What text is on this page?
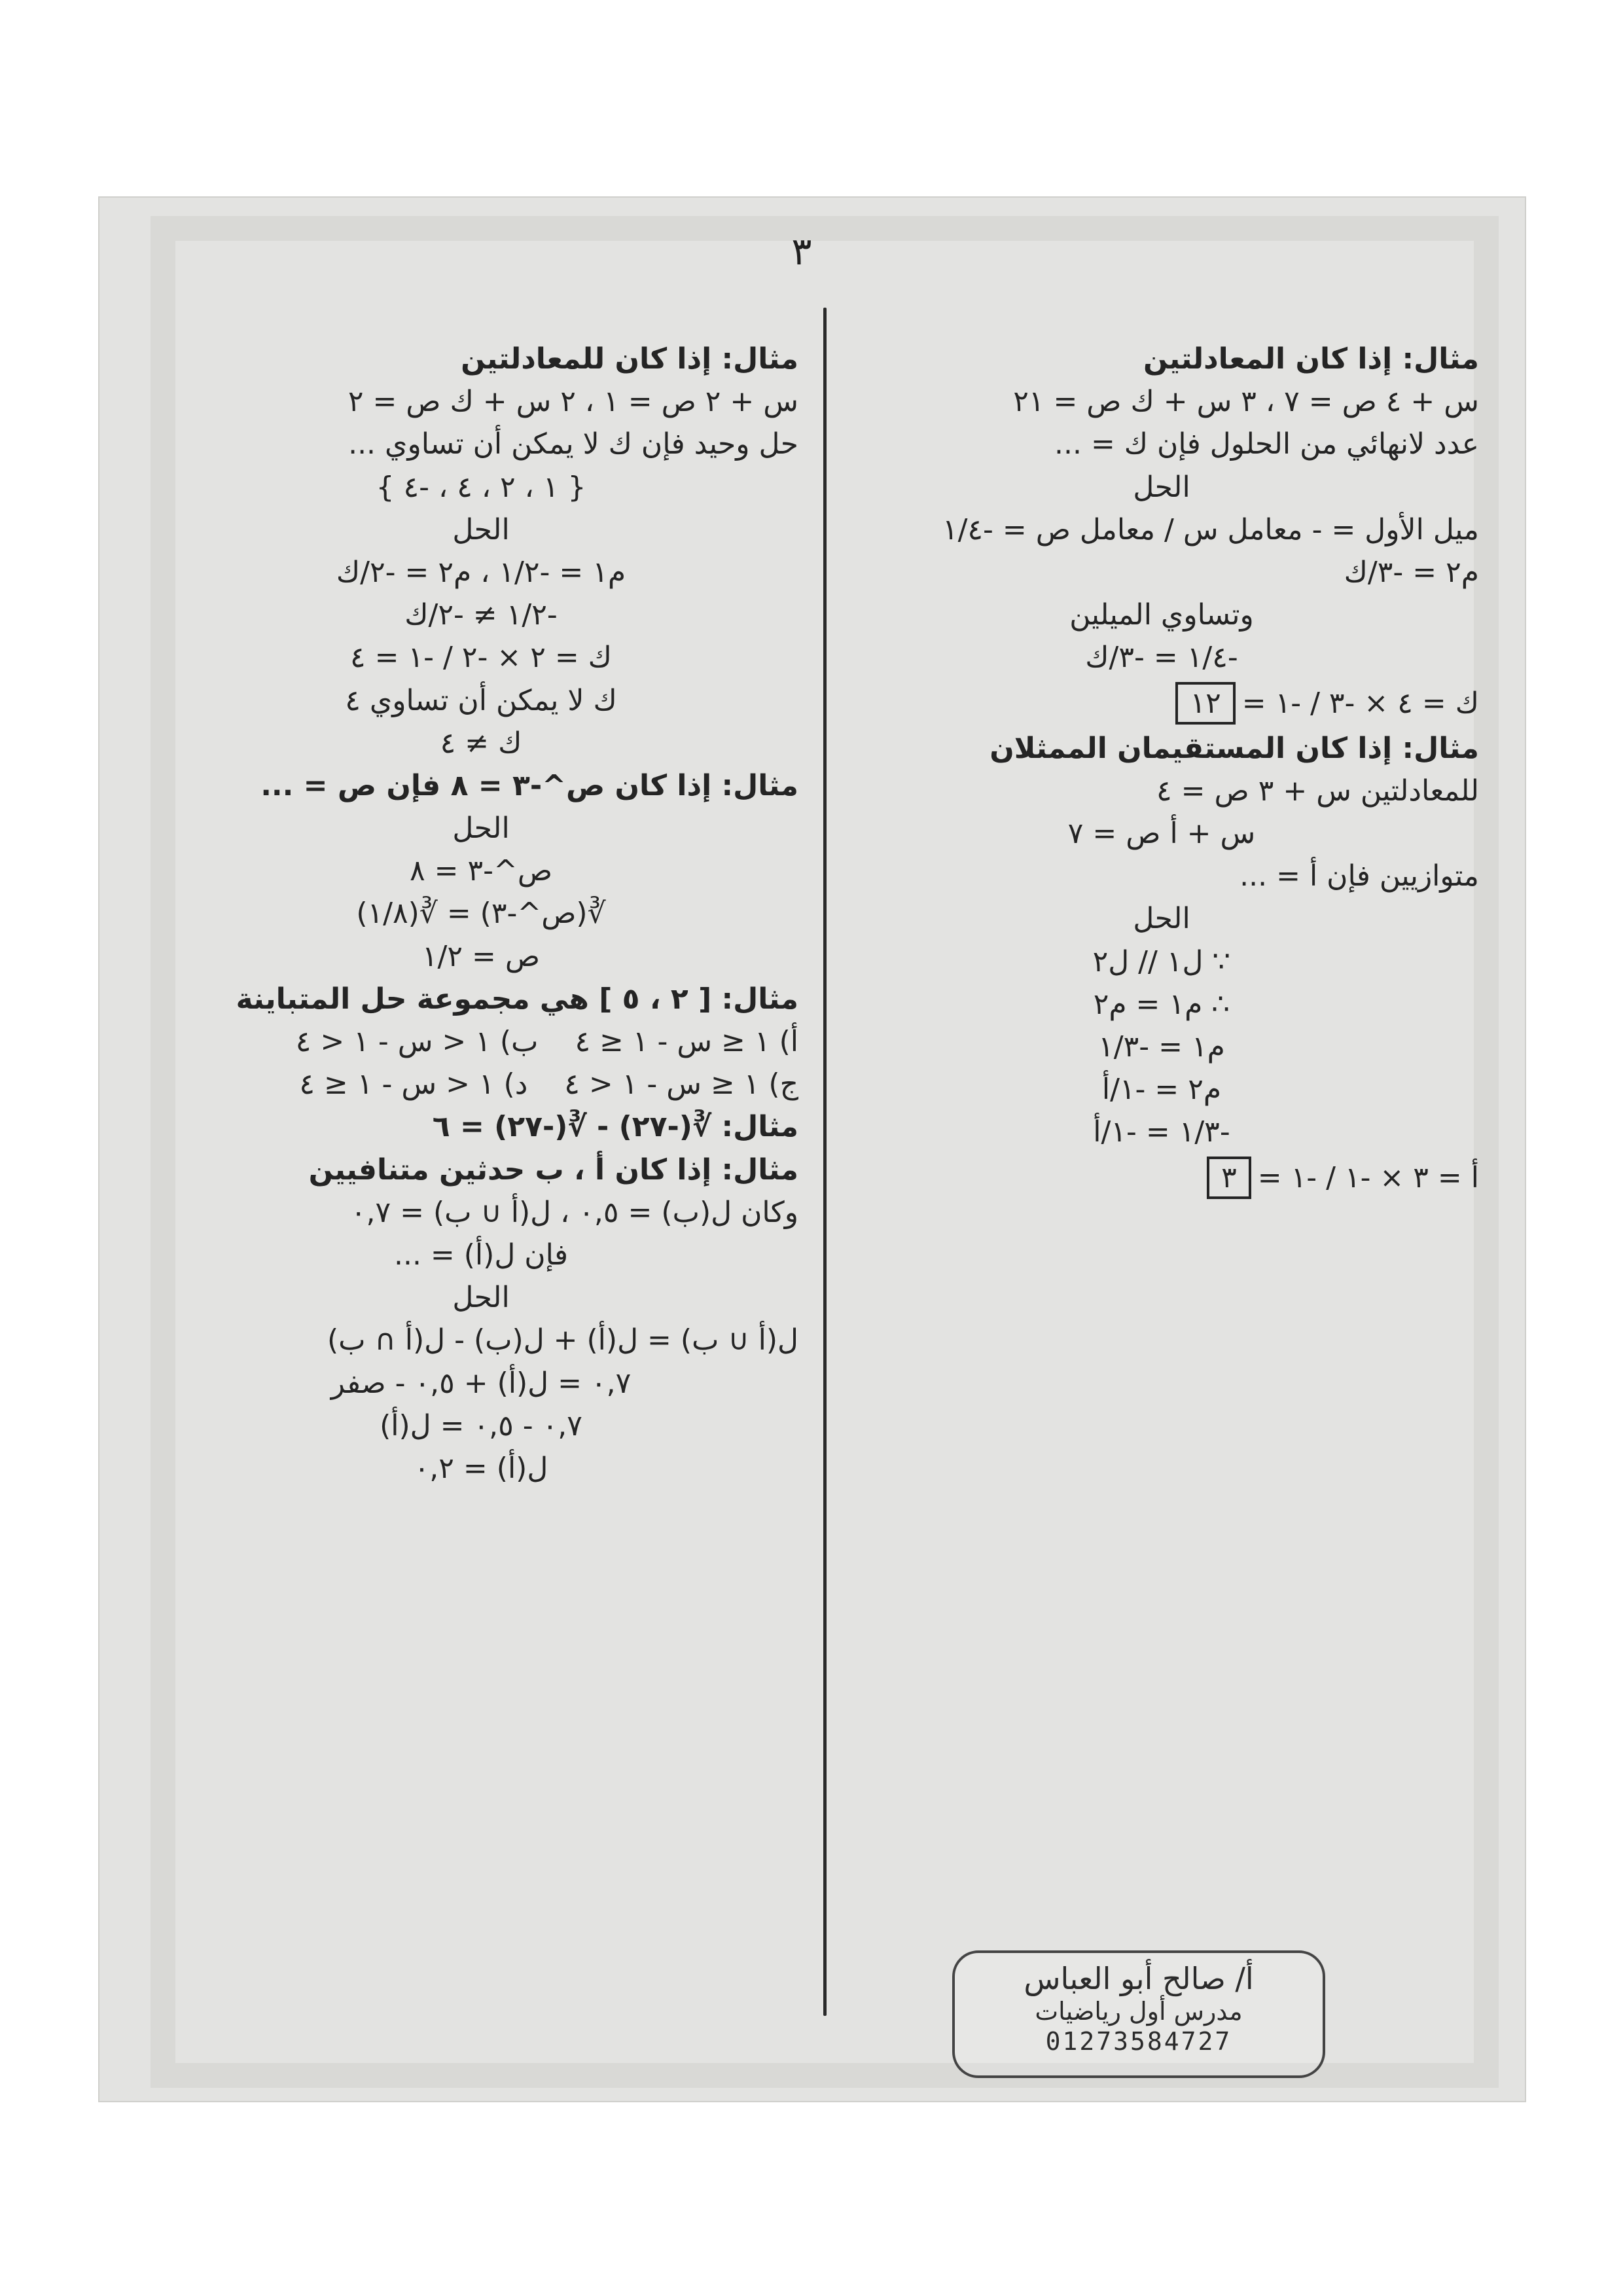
٣
مثال: إذا كان المعادلتين
س + ٤ ص = ٧ ، ٣ س + ك ص = ٢١
عدد لانهائي من الحلول فإن ك = ...
الحل
ميل الأول = - معامل س / معامل ص = -١/٤
م٢ = -٣/ك
وتساوي الميلين
-١/٤ = -٣/ك
ك = ٤ × -٣ / -١ =١٢
مثال: إذا كان المستقيمان الممثلان
للمعادلتين س + ٣ ص = ٤
س + أ ص = ٧
متوازيين فإن أ = ...
الحل
∵ ل١ // ل٢
∴ م١ = م٢
م١ = -١/٣
م٢ = -١/أ
-١/٣ = -١/أ
أ = ٣ × -١ / -١ =٣
مثال: إذا كان للمعادلتين
س + ٢ ص = ١ ، ٢ س + ك ص = ٢
حل وحيد فإن ك لا يمكن أن تساوي ...
{ ١ ، ٢ ، ٤ ، -٤ }
الحل
م١ = -١/٢ ، م٢ = -٢/ك
-١/٢ ≠ -٢/ك
ك = ٢ × -٢ / -١ = ٤
ك لا يمكن أن تساوي ٤
ك ≠ ٤
مثال: إذا كان ص^-٣ = ٨ فإن ص = ...
الحل
ص^-٣ = ٨
∛(ص^-٣) = ∛(١/٨)
ص = ١/٢
مثال: [ ٢ ، ٥ ] هي مجموعة حل المتباينة
أ) ١ ≤ س - ١ ≤ ٤    ب) ١ < س - ١ < ٤
ج) ١ ≤ س - ١ < ٤    د) ١ < س - ١ ≤ ٤
مثال: ∛(-٢٧) - ∛(-٢٧) = ٦
مثال: إذا كان أ ، ب حدثين متنافيين
وكان ل(ب) = ٠,٥ ، ل(أ ∪ ب) = ٠,٧
فإن ل(أ) = ...
الحل
ل(أ ∪ ب) = ل(أ) + ل(ب) - ل(أ ∩ ب)
٠,٧ = ل(أ) + ٠,٥ - صفر
٠,٧ - ٠,٥ = ل(أ)
ل(أ) = ٠,٢
أ/ صالح أبو العباس
مدرس أول رياضيات
01273584727
